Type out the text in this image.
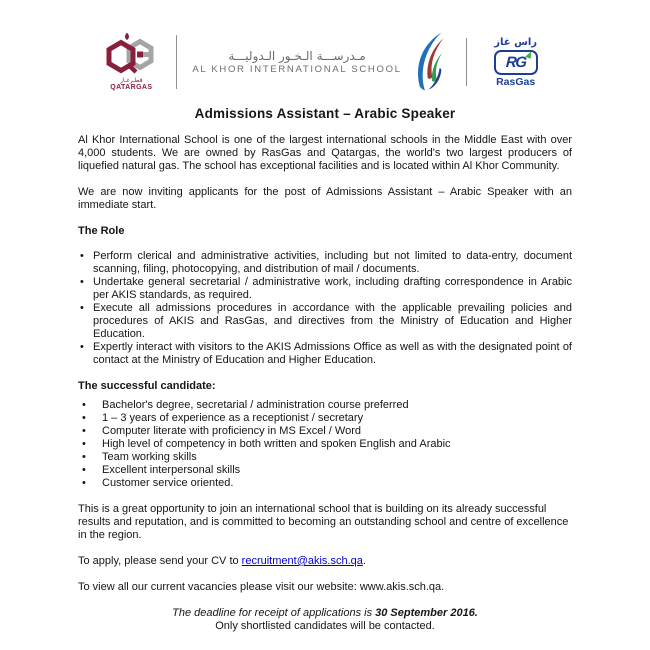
قطـرغـاز
QATARGAS
مـدرســـة الـخـور الـدوليـــة
AL KHOR INTERNATIONAL SCHOOL
راس غاز
RG
RasGas
Admissions Assistant – Arabic Speaker

Al Khor International School is one of the largest international schools in the Middle East with over 4,000 students. We are owned by RasGas and Qatargas, the world's two largest producers of liquefied natural gas. The school has exceptional facilities and is located within Al Khor Community.

We are now inviting applicants for the post of Admissions Assistant – Arabic Speaker with an immediate start.

The Role
• Perform clerical and administrative activities, including but not limited to data-entry, document scanning, filing, photocopying, and distribution of mail / documents.
• Undertake general secretarial / administrative work, including drafting correspondence in Arabic per AKIS standards, as required.
• Execute all admissions procedures in accordance with the applicable prevailing policies and procedures of AKIS and RasGas, and directives from the Ministry of Education and Higher Education.
• Expertly interact with visitors to the AKIS Admissions Office as well as with the designated point of contact at the Ministry of Education and Higher Education.
The successful candidate:
• Bachelor's degree, secretarial / administration course preferred
• 1 – 3 years of experience as a receptionist / secretary
• Computer literate with proficiency in MS Excel / Word
• High level of competency in both written and spoken English and Arabic
• Team working skills
• Excellent interpersonal skills
• Customer service oriented.

This is a great opportunity to join an international school that is building on its already successful results and reputation, and is committed to becoming an outstanding school and centre of excellence in the region.

To apply, please send your CV to recruitment@akis.sch.qa.

To view all our current vacancies please visit our website: www.akis.sch.qa.

The deadline for receipt of applications is 30 September 2016.

Only shortlisted candidates will be contacted.
